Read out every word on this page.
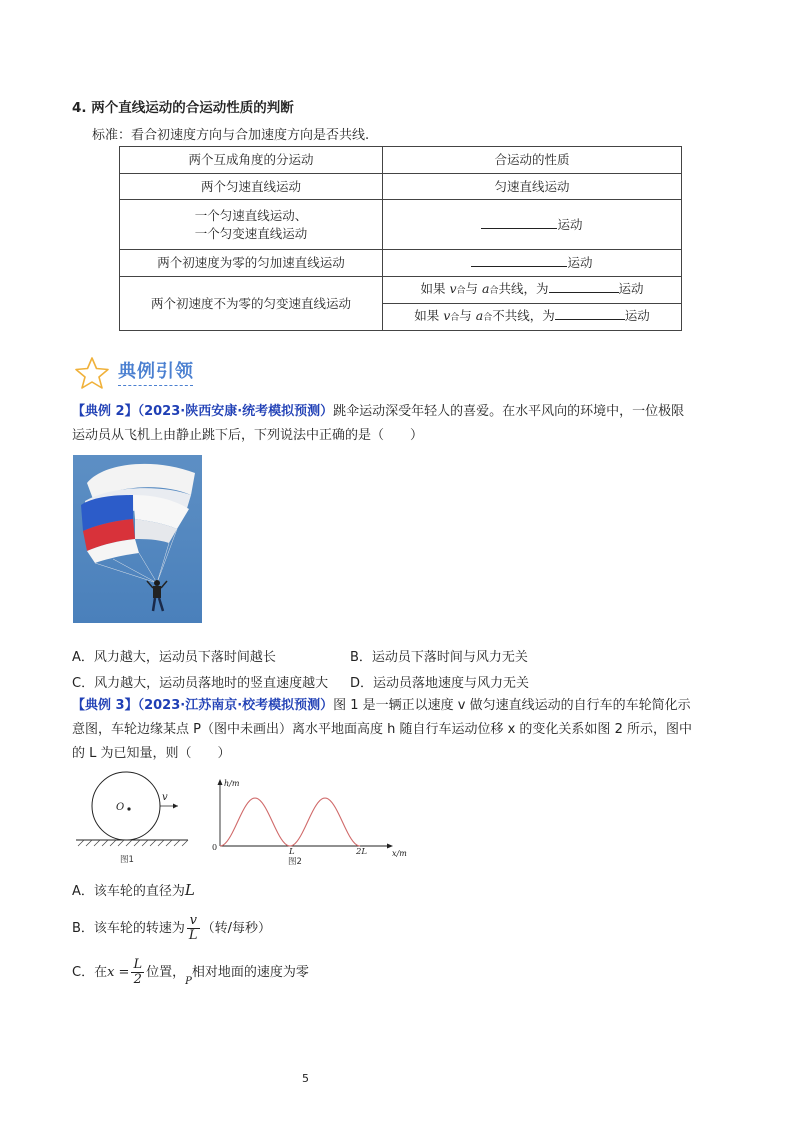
4. 两个直线运动的合运动性质的判断
标准：看合初速度方向与合加速度方向是否共线.
两个互成角度的分运动	合运动的性质
两个匀速直线运动	匀速直线运动

一个匀速直线运动、
一个匀变速直线运动	运动
两个初速度为零的匀加速直线运动	运动
两个初速度不为零的匀变速直线运动	如果 v合与 a合共线，为 运动
	如果 v合与 a合不共线，为 运动
典例引领
【典例 2】（2023·陕西安康·统考模拟预测）跳伞运动深受年轻人的喜爱。在水平风向的环境中，一位极限
运动员从飞机上由静止跳下后，下列说法中正确的是（　　）
A．风力越大，运动员下落时间越长	B．运动员下落时间与风力无关
C．风力越大，运动员落地时的竖直速度越大 D．运动员落地速度与风力无关
【典例 3】（2023·江苏南京·校考模拟预测）图 1 是一辆正以速度 v 做匀速直线运动的自行车的车轮简化示
意图，车轮边缘某点 P（图中未画出）离水平地面高度 h 随自行车运动位移 x 的变化关系如图 2 所示，图中
的 L 为已知量，则（　　）
O
v
图1
h/m
x/m
0	L	2L
图2
A．该车轮的直径为L
B．该车轮的转速为 $\frac{v}{L}$ （转/每秒）
C．在$x = \frac{L}{2}$ 位置，$_P$相对地面的速度为零
5
